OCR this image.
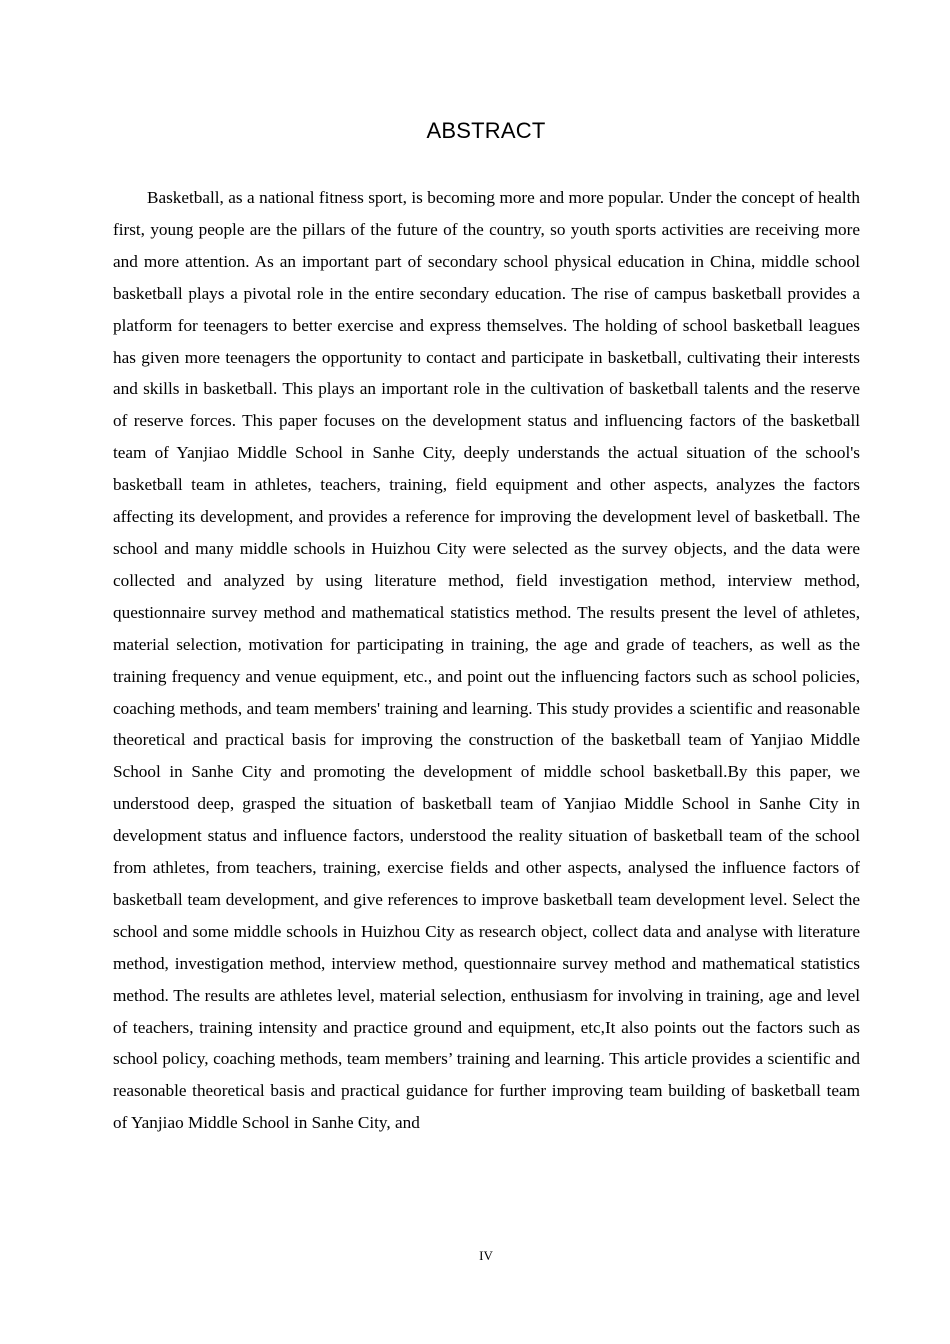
ABSTRACT

Basketball, as a national fitness sport, is becoming more and more popular. Under the concept of health first, young people are the pillars of the future of the country, so youth sports activities are receiving more and more attention. As an important part of secondary school physical education in China, middle school basketball plays a pivotal role in the entire secondary education. The rise of campus basketball provides a platform for teenagers to better exercise and express themselves. The holding of school basketball leagues has given more teenagers the opportunity to contact and participate in basketball, cultivating their interests and skills in basketball. This plays an important role in the cultivation of basketball talents and the reserve of reserve forces. This paper focuses on the development status and influencing factors of the basketball team of Yanjiao Middle School in Sanhe City, deeply understands the actual situation of the school's basketball team in athletes, teachers, training, field equipment and other aspects, analyzes the factors affecting its development, and provides a reference for improving the development level of basketball. The school and many middle schools in Huizhou City were selected as the survey objects, and the data were collected and analyzed by using literature method, field investigation method, interview method, questionnaire survey method and mathematical statistics method. The results present the level of athletes, material selection, motivation for participating in training, the age and grade of teachers, as well as the training frequency and venue equipment, etc., and point out the influencing factors such as school policies, coaching methods, and team members' training and learning. This study provides a scientific and reasonable theoretical and practical basis for improving the construction of the basketball team of Yanjiao Middle School in Sanhe City and promoting the development of middle school basketball.By this paper, we understood deep, grasped the situation of basketball team of Yanjiao Middle School in Sanhe City in development status and influence factors, understood the reality situation of basketball team of the school from athletes, from teachers, training, exercise fields and other aspects, analysed the influence factors of basketball team development, and give references to improve basketball team development level. Select the school and some middle schools in Huizhou City as research object, collect data and analyse with literature method, investigation method, interview method, questionnaire survey method and mathematical statistics method. The results are athletes level, material selection, enthusiasm for involving in training, age and level of teachers, training intensity and practice ground and equipment, etc,It also points out the factors such as school policy, coaching methods, team members’ training and learning. This article provides a scientific and reasonable theoretical basis and practical guidance for further improving team building of basketball team of Yanjiao Middle School in Sanhe City, and

IV
